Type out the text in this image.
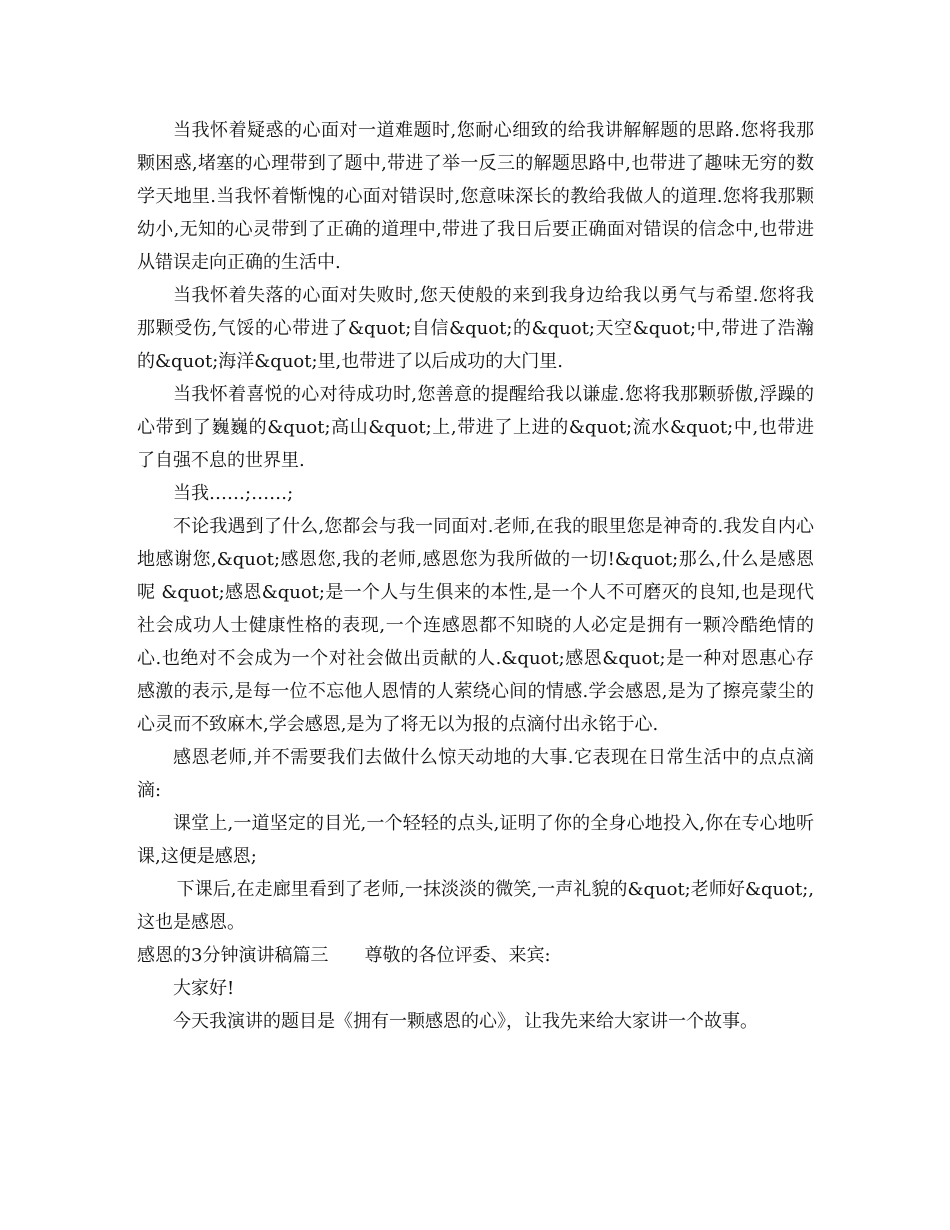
当我怀着疑惑的心面对一道难题时,您耐心细致的给我讲解解题的思路.您将我那颗困惑,堵塞的心理带到了题中,带进了举一反三的解题思路中,也带进了趣味无穷的数学天地里.当我怀着惭愧的心面对错误时,您意味深长的教给我做人的道理.您将我那颗幼小,无知的心灵带到了正确的道理中,带进了我日后要正确面对错误的信念中,也带进从错误走向正确的生活中.

当我怀着失落的心面对失败时,您天使般的来到我身边给我以勇气与希望.您将我那颗受伤,气馁的心带进了&quot;自信&quot;的&quot;天空&quot;中,带进了浩瀚的&quot;海洋&quot;里,也带进了以后成功的大门里.

当我怀着喜悦的心对待成功时,您善意的提醒给我以谦虚.您将我那颗骄傲,浮躁的心带到了巍巍的&quot;高山&quot;上,带进了上进的&quot;流水&quot;中,也带进了自强不息的世界里.

当我……;……;

不论我遇到了什么,您都会与我一同面对.老师,在我的眼里您是神奇的.我发自内心地感谢您,&quot;感恩您,我的老师,感恩您为我所做的一切!&quot;那么,什么是感恩呢 &quot;感恩&quot;是一个人与生俱来的本性,是一个人不可磨灭的良知,也是现代社会成功人士健康性格的表现,一个连感恩都不知晓的人必定是拥有一颗冷酷绝情的心.也绝对不会成为一个对社会做出贡献的人.&quot;感恩&quot;是一种对恩惠心存感激的表示,是每一位不忘他人恩情的人萦绕心间的情感.学会感恩,是为了擦亮蒙尘的心灵而不致麻木,学会感恩,是为了将无以为报的点滴付出永铭于心.

感恩老师,并不需要我们去做什么惊天动地的大事.它表现在日常生活中的点点滴滴:

课堂上,一道坚定的目光,一个轻轻的点头,证明了你的全身心地投入,你在专心地听课,这便是感恩;

下课后,在走廊里看到了老师,一抹淡淡的微笑,一声礼貌的&quot;老师好&quot;,这也是感恩。

感恩的3分钟演讲稿篇三　　尊敬的各位评委、来宾:

大家好!

今天我演讲的题目是《拥有一颗感恩的心》，让我先来给大家讲一个故事。
